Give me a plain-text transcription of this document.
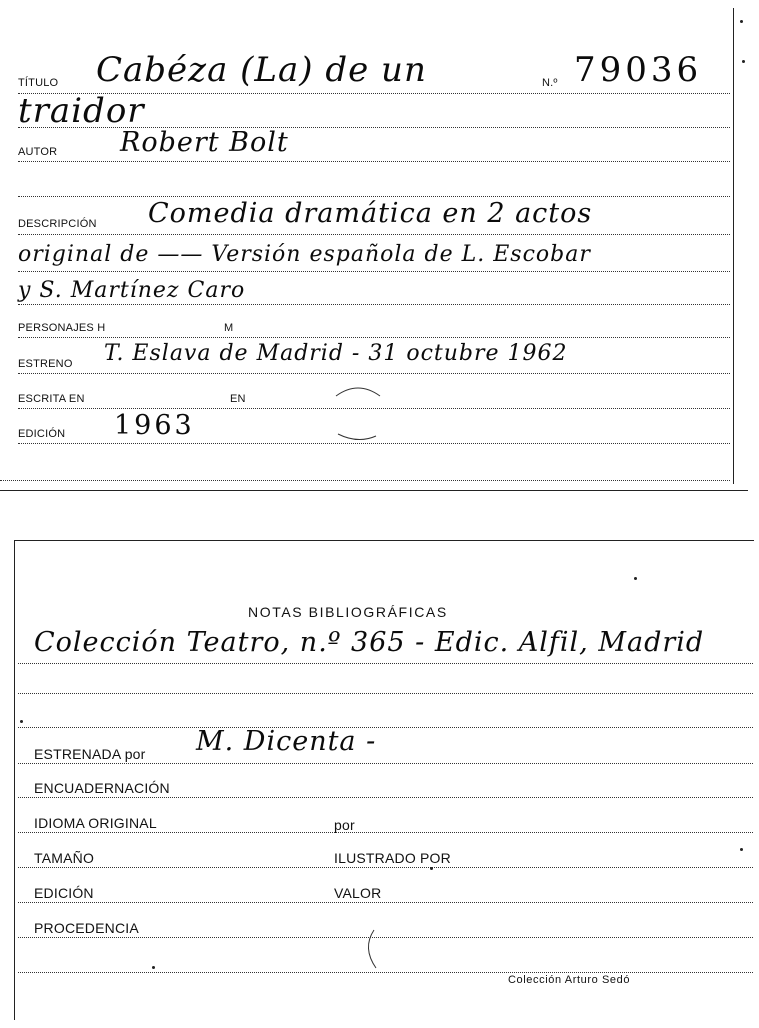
TÍTULO Cabéza (La) de un	N.º 79036
traidor
AUTOR Robert Bolt
DESCRIPCIÓN Comedia dramática en 2 actos
original de —— Versión española de L. Escobar
y S. Martínez Caro
PERSONAJES H	M
ESTRENO T. Eslava de Madrid - 31 octubre 1962
ESCRITA EN	EN
EDICIÓN 1963
NOTAS BIBLIOGRÁFICAS
Colección Teatro, n.º 365 - Edic. Alfil, Madrid
ESTRENADA por M. Dicenta -
ENCUADERNACIÓN
IDIOMA ORIGINAL	por
TAMAÑO	ILUSTRADO POR
EDICIÓN	VALOR
PROCEDENCIA
Colección Arturo Sedó
